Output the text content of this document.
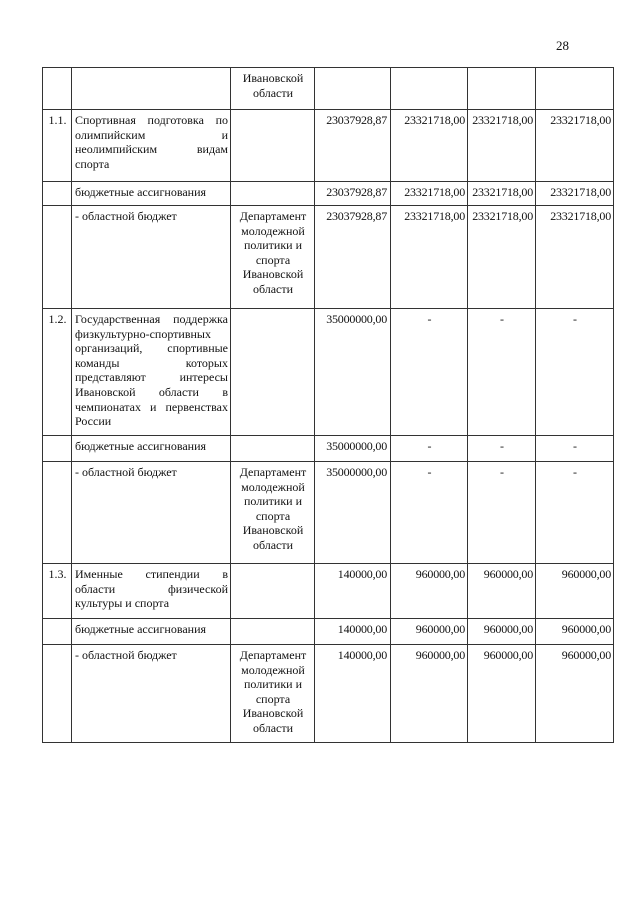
28
		Ивановской области				
1.1.	Спортивная подготовка по олимпийским и неолимпийским видам спорта		23037928,87	23321718,00	23321718,00	23321718,00
	бюджетные ассигнования		23037928,87	23321718,00	23321718,00	23321718,00
	- областной бюджет	Департамент молодежной политики и спорта Ивановской области	23037928,87	23321718,00	23321718,00	23321718,00
1.2.	Государственная поддержка физкультурно-спортивных организаций, спортивные команды которых представляют интересы Ивановской области в чемпионатах и первенствах России		35000000,00	-	-	-
	бюджетные ассигнования		35000000,00	-	-	-
	- областной бюджет	Департамент молодежной политики и спорта Ивановской области	35000000,00	-	-	-
1.3.	Именные стипендии в области физической культуры и спорта		140000,00	960000,00	960000,00	960000,00
	бюджетные ассигнования		140000,00	960000,00	960000,00	960000,00
	- областной бюджет	Департамент молодежной политики и спорта Ивановской области	140000,00	960000,00	960000,00	960000,00
